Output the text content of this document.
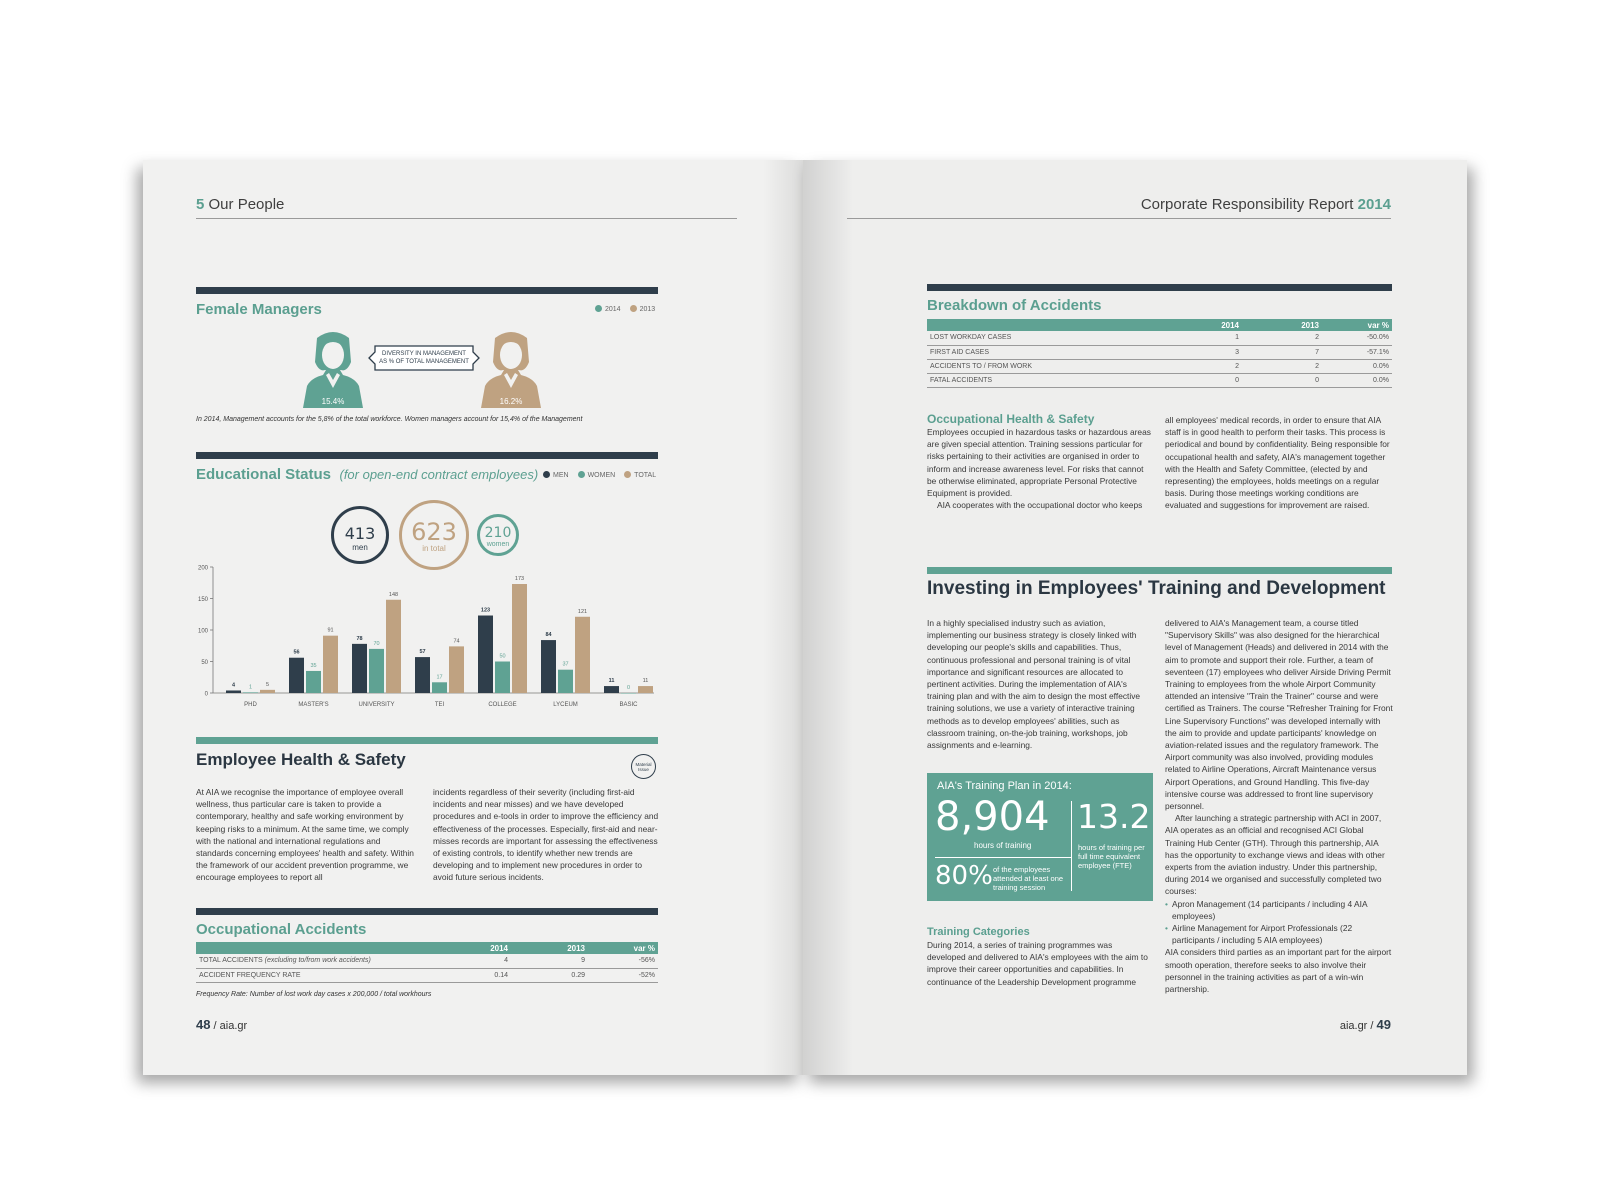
5 Our People
Female Managers	2014	2013
15.4%
DIVERSITY IN MANAGEMENT
AS % OF TOTAL MANAGEMENT
16.2%
In 2014, Management accounts for the 5,8% of the total workforce. Women managers account for 15,4% of the Management
Educational Status (for open-end contract employees)	MEN	WOMEN	TOTAL
413
men
623
in total
210
women
0
50
100
150
200
4	1	5
PHD
56
35
91
MASTER'S
78
70
148
UNIVERSITY
57
17
74
TEI
123
50
173
COLLEGE
84
37
121
LYCEUM
11
0
11
BASIC
Employee Health & Safety	Material
Issue
At AIA we recognise the importance of employee overall wellness, thus particular care is taken to provide a contemporary, healthy and safe working environment by keeping risks to a minimum. At the same time, we comply with the national and international regulations and standards concerning employees' health and safety. Within the framework of our accident prevention programme, we encourage employees to report all
incidents regardless of their severity (including first-aid incidents and near misses) and we have developed procedures and e-tools in order to improve the efficiency and effectiveness of the processes. Especially, first-aid and near-misses records are important for assessing the effectiveness of existing controls, to identify whether new trends are developing and to implement new procedures in order to avoid future serious incidents.
Occupational Accidents
	2014	2013	var %
TOTAL ACCIDENTS (excluding to/from work accidents)	4	9	-56%
ACCIDENT FREQUENCY RATE	0.14	0.29	-52%
Frequency Rate: Number of lost work day cases x 200,000 / total workhours
48 / aia.gr
Corporate Responsibility Report 2014
Breakdown of Accidents
	2014	2013	var %
LOST WORKDAY CASES	1	2	-50.0%
FIRST AID CASES	3	7	-57.1%
ACCIDENTS TO / FROM WORK	2	2	0.0%
FATAL ACCIDENTS	0	0	0.0%
Occupational Health & Safety
Employees occupied in hazardous tasks or hazardous areas are given special attention. Training sessions particular for risks pertaining to their activities are organised in order to inform and increase awareness level. For risks that cannot be otherwise eliminated, appropriate Personal Protective Equipment is provided.
AIA cooperates with the occupational doctor who keeps
all employees' medical records, in order to ensure that AIA staff is in good health to perform their tasks. This process is periodical and bound by confidentiality. Being responsible for occupational health and safety, AIA's management together with the Health and Safety Committee, (elected by and representing) the employees, holds meetings on a regular basis. During those meetings working conditions are evaluated and suggestions for improvement are raised.
Investing in Employees' Training and Development
In a highly specialised industry such as aviation, implementing our business strategy is closely linked with developing our people's skills and capabilities. Thus, continuous professional and personal training is of vital importance and significant resources are allocated to pertinent activities. During the implementation of AIA's training plan and with the aim to design the most effective training solutions, we use a variety of interactive training methods as to develop employees' abilities, such as classroom training, on-the-job training, workshops, job assignments and e-learning.
AIA's Training Plan in 2014:
8,904
hours of training
13.2
hours of training per full time equivalent employee (FTE)
80% of the employees attended at least one training session
Training Categories
During 2014, a series of training programmes was developed and delivered to AIA's employees with the aim to improve their career opportunities and capabilities. In continuance of the Leadership Development programme
delivered to AIA's Management team, a course titled "Supervisory Skills" was also designed for the hierarchical level of Management (Heads) and delivered in 2014 with the aim to promote and support their role. Further, a team of seventeen (17) employees who deliver Airside Driving Permit Training to employees from the whole Airport Community attended an intensive "Train the Trainer" course and were certified as Trainers. The course "Refresher Training for Front Line Supervisory Functions" was developed internally with the aim to provide and update participants' knowledge on aviation-related issues and the regulatory framework. The Airport community was also involved, providing modules related to Airline Operations, Aircraft Maintenance versus Airport Operations, and Ground Handling. This five-day intensive course was addressed to front line supervisory personnel.
After launching a strategic partnership with ACI in 2007, AIA operates as an official and recognised ACI Global Training Hub Center (GTH). Through this partnership, AIA has the opportunity to exchange views and ideas with other experts from the aviation industry. Under this partnership, during 2014 we organised and successfully completed two courses:
• Apron Management (14 participants / including 4 AIA employees)
• Airline Management for Airport Professionals (22 participants / including 5 AIA employees)
AIA considers third parties as an important part for the airport smooth operation, therefore seeks to also involve their personnel in the training activities as part of a win-win partnership.
aia.gr / 49
